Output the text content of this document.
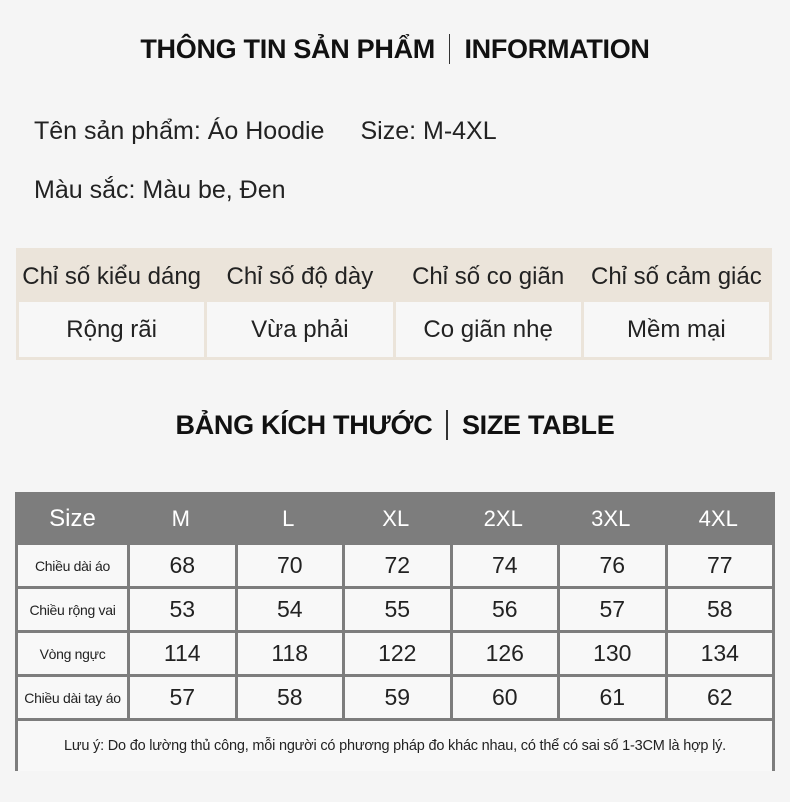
THÔNG TIN SẢN PHẨM INFORMATION
Tên sản phẩm: Áo Hoodie Size: M-4XL
Màu sắc: Màu be, Đen
Chỉ số kiểu dáng	Chỉ số độ dày	Chỉ số co giãn	Chỉ số cảm giác
Rộng rãi	Vừa phải	Co giãn nhẹ	Mềm mại
BẢNG KÍCH THƯỚC SIZE TABLE
Size	M	L	XL	2XL	3XL	4XL
Chiều dài áo	68	70	72	74	76	77
Chiều rộng vai	53	54	55	56	57	58
Vòng ngực	114	118	122	126	130	134
Chiều dài tay áo	57	58	59	60	61	62
Lưu ý: Do đo lường thủ công, mỗi người có phương pháp đo khác nhau, có thể có sai số 1-3CM là hợp lý.
